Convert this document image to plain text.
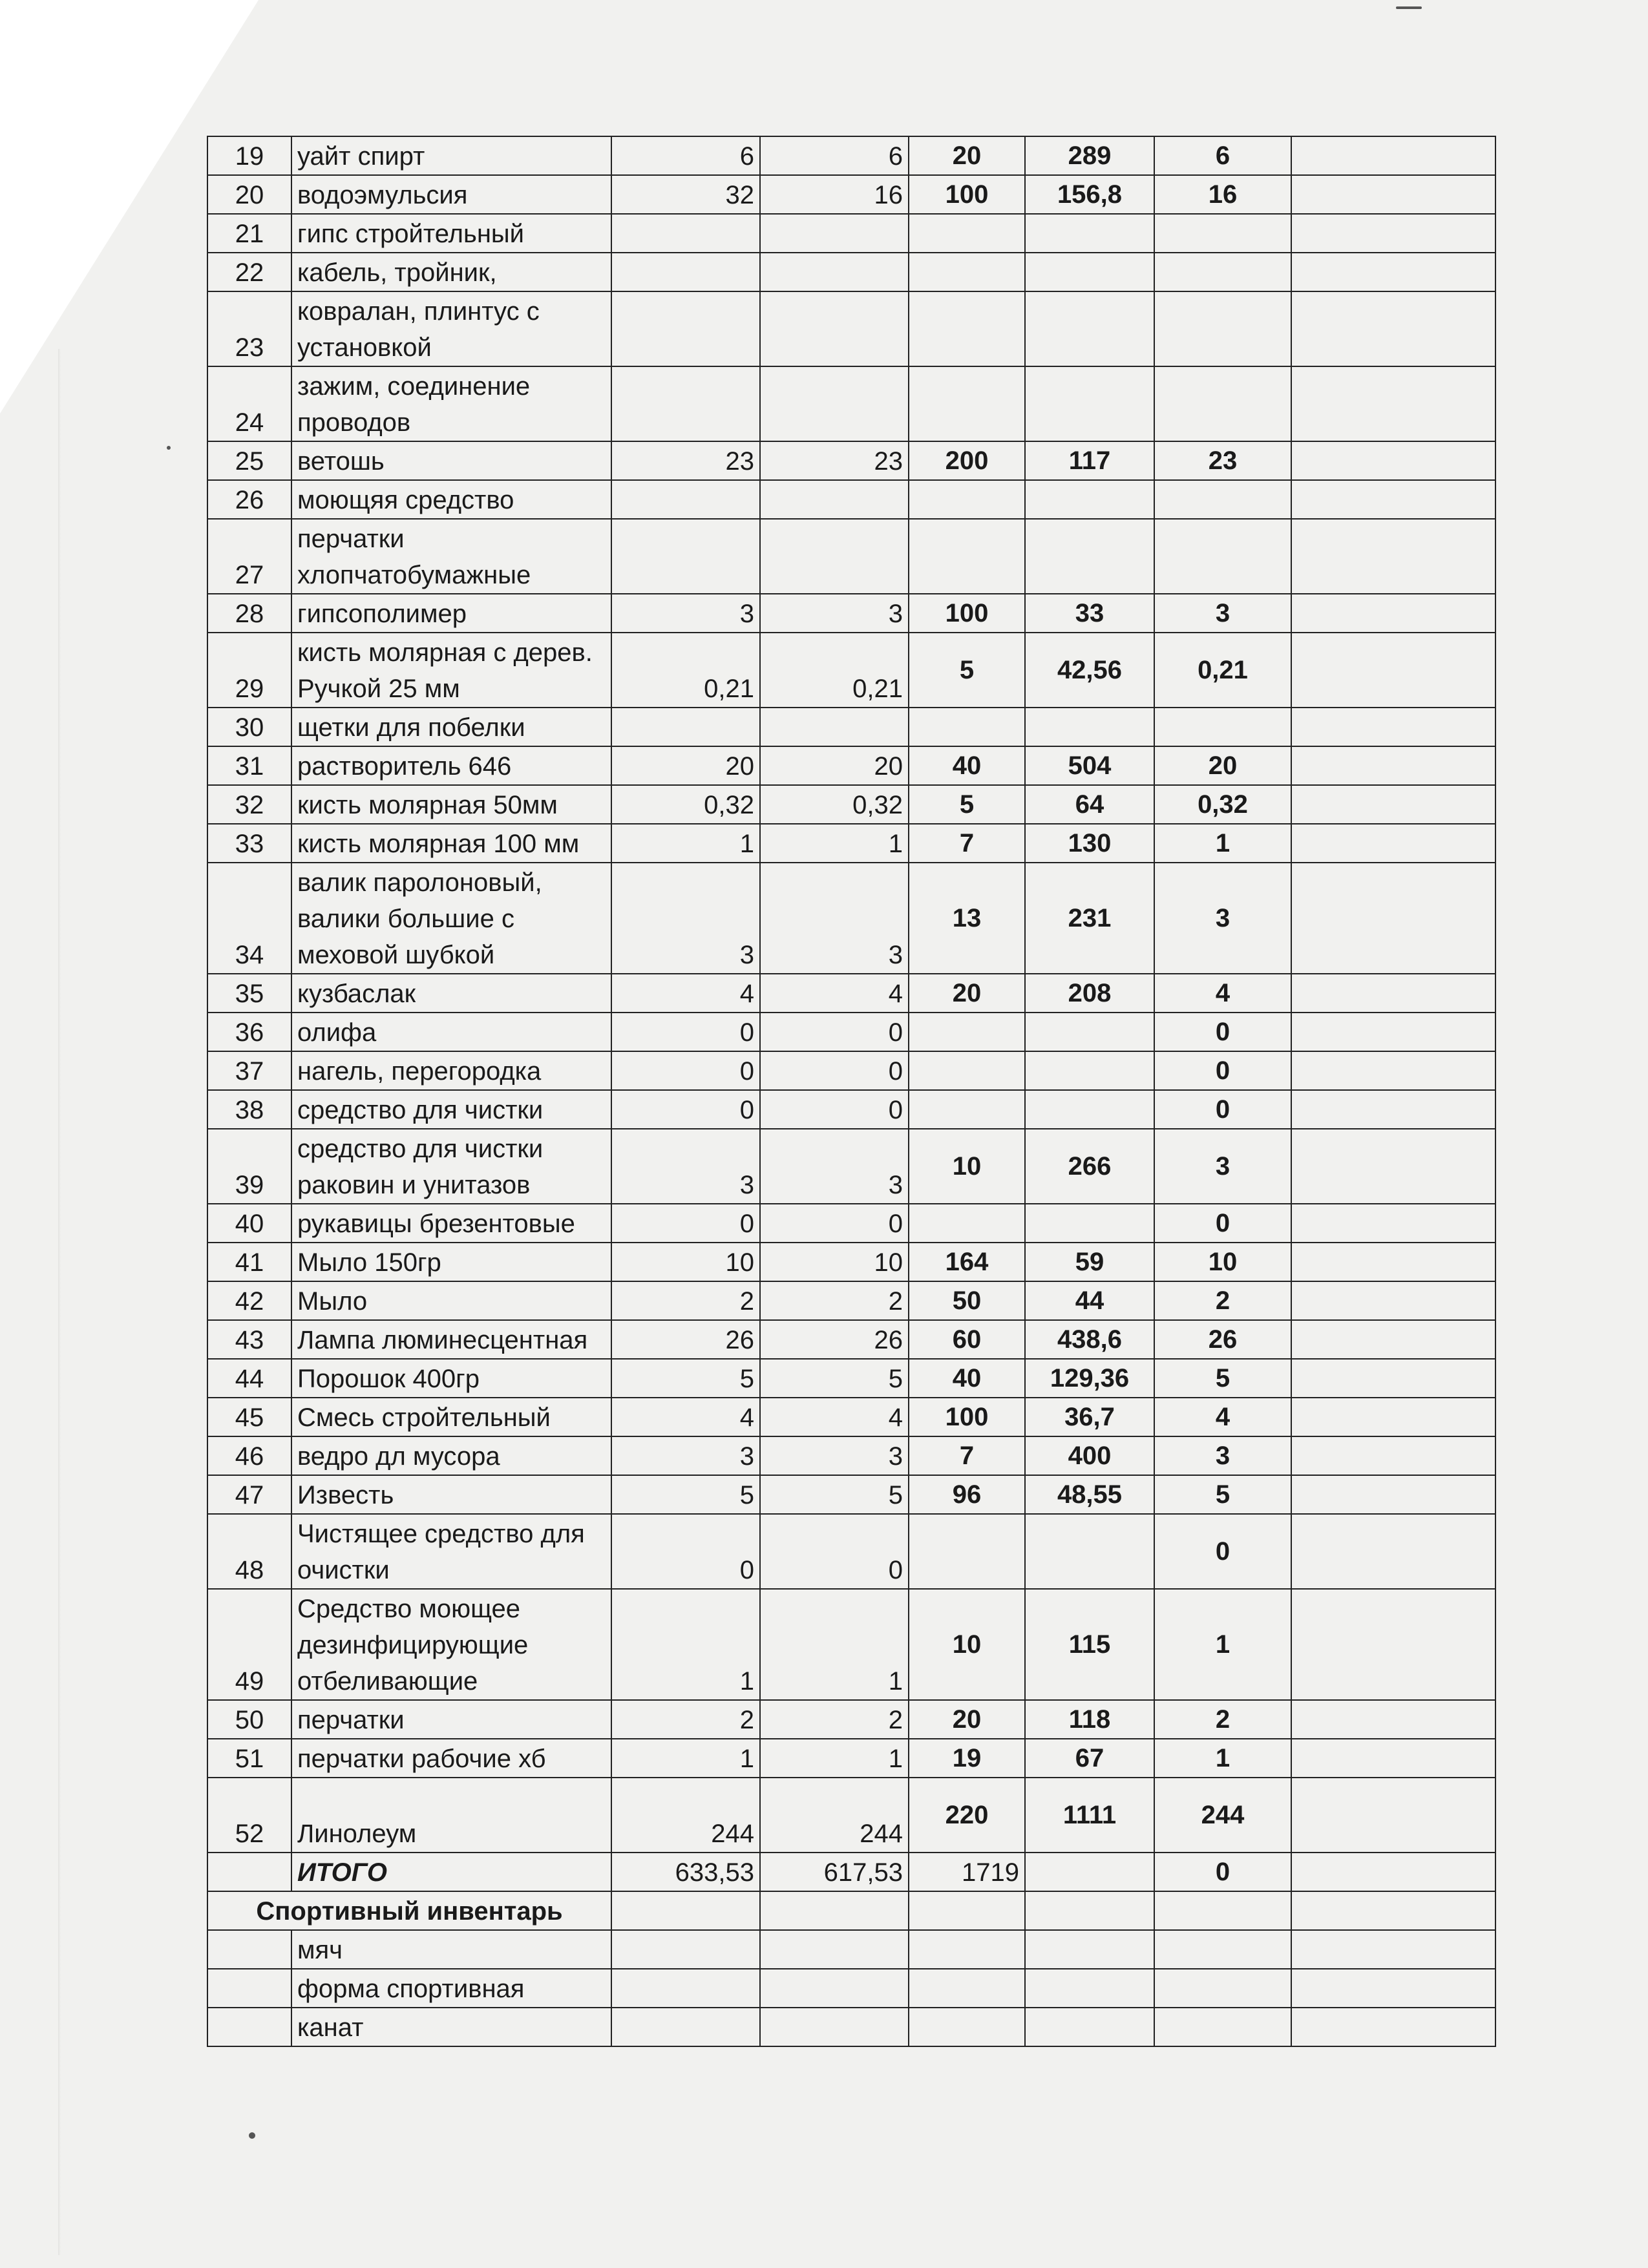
19	уайт спирт	6	6	20	289	6	
20	водоэмульсия	32	16	100	156,8	16	
21	гипс стройтельный						
22	кабель, тройник,						
23	ковралан, плинтус с установкой						
24	зажим, соединение проводов						
25	ветошь	23	23	200	117	23	
26	моющяя средство						
27	перчатки хлопчатобумажные						
28	гипсополимер	3	3	100	33	3	
29	кисть молярная с дерев. Ручкой 25 мм	0,21	0,21	5	42,56	0,21	
30	щетки для побелки						
31	растворитель 646	20	20	40	504	20	
32	кисть молярная 50мм	0,32	0,32	5	64	0,32	
33	кисть молярная 100 мм	1	1	7	130	1	
34	валик паролоновый, валики большие с меховой шубкой	3	3	13	231	3	
35	кузбаслак	4	4	20	208	4	
36	олифа	0	0			0	
37	нагель, перегородка	0	0			0	
38	средство для чистки	0	0			0	
39	средство для чистки раковин и унитазов	3	3	10	266	3	
40	рукавицы брезентовые	0	0			0	
41	Мыло 150гр	10	10	164	59	10	
42	Мыло	2	2	50	44	2	
43	Лампа люминесцентная	26	26	60	438,6	26	
44	Порошок 400гр	5	5	40	129,36	5	
45	Смесь стройтельный	4	4	100	36,7	4	
46	ведро дл мусора	3	3	7	400	3	
47	Известь	5	5	96	48,55	5	
48	Чистящее средство для очистки	0	0			0	
49	Средство моющее дезинфицирующие отбеливающие	1	1	10	115	1	
50	перчатки	2	2	20	118	2	
51	перчатки рабочие хб	1	1	19	67	1	
52	Линолеум	244	244	220	1111	244	
	ИТОГО	633,53	617,53	1719		0	
Спортивный инвентарь							
	мяч						
	форма спортивная						
	канат						
